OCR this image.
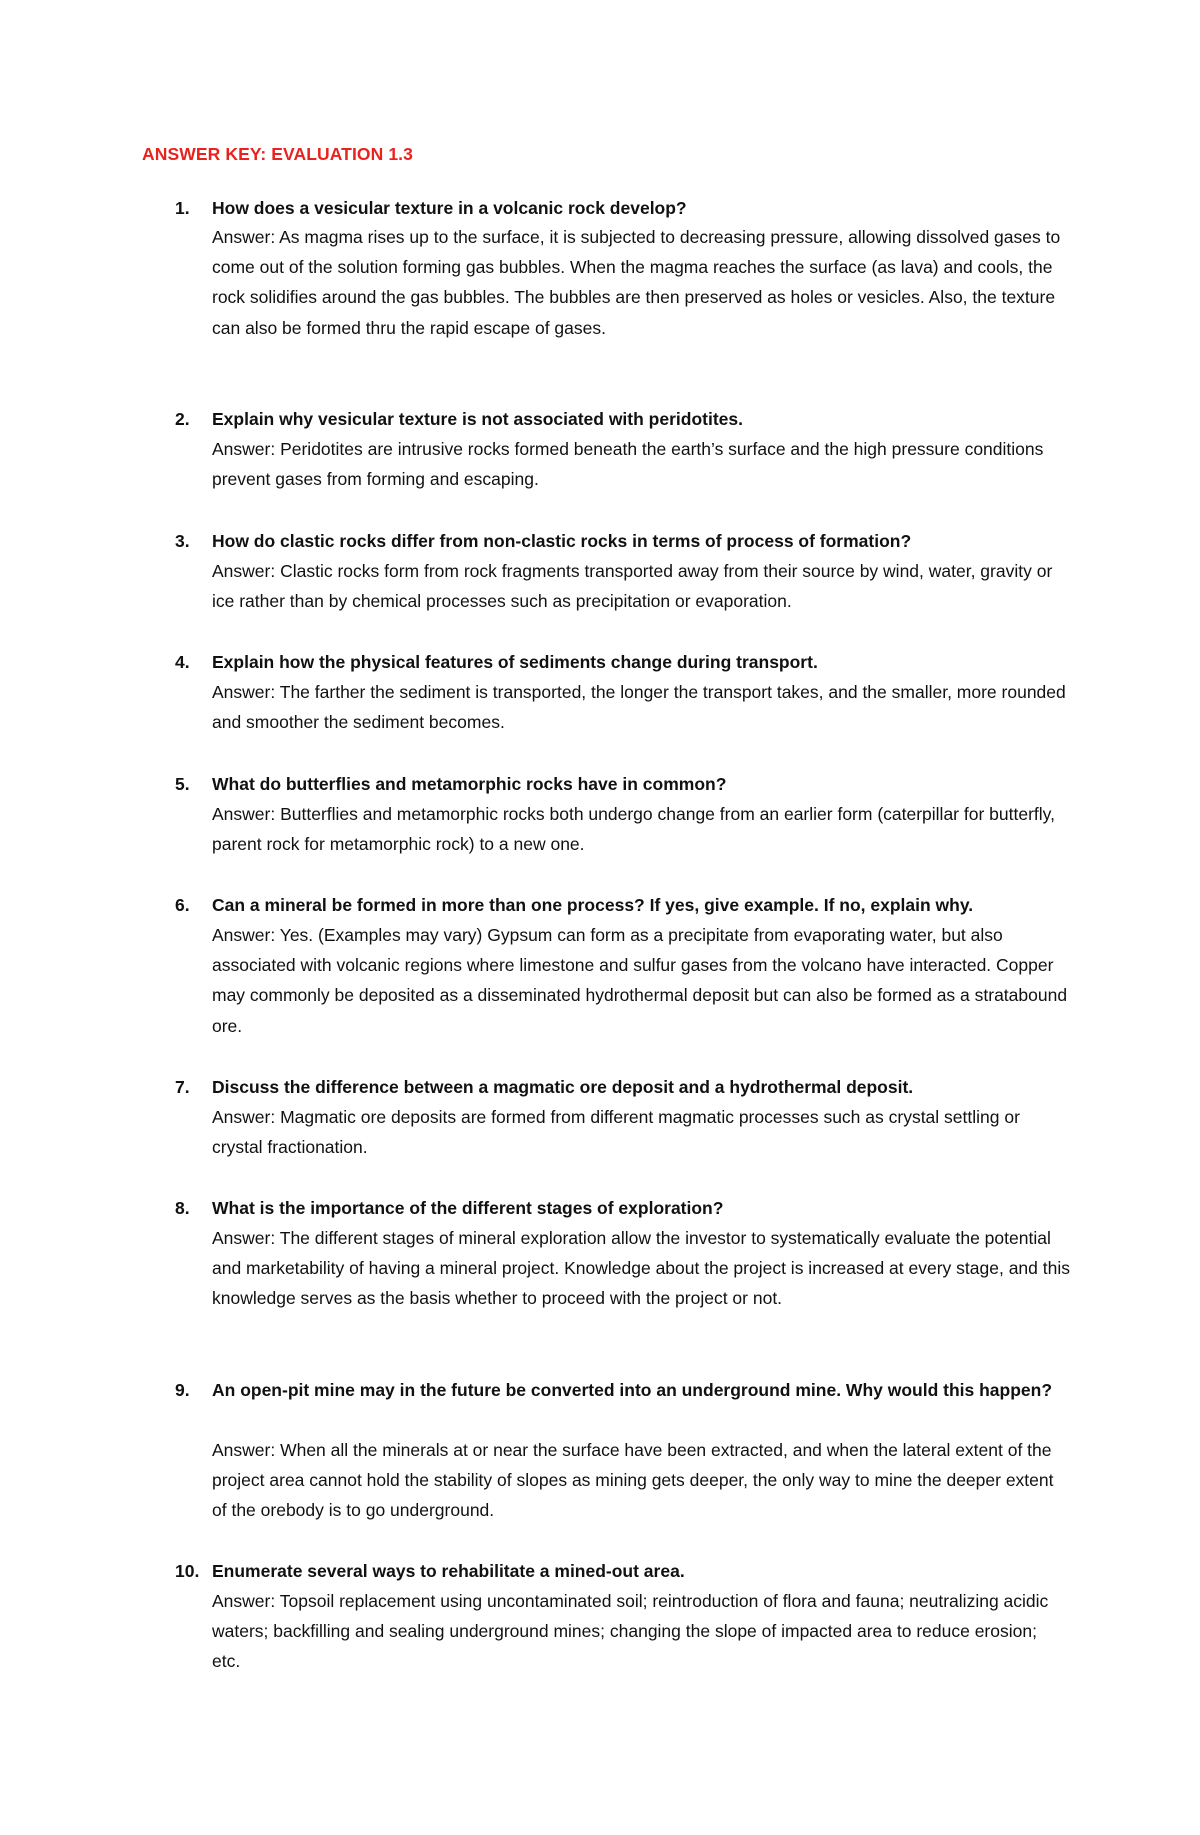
ANSWER KEY: EVALUATION 1.3
1. How does a vesicular texture in a volcanic rock develop?
Answer: As magma rises up to the surface, it is subjected to decreasing pressure, allowing dissolved gases to come out of the solution forming gas bubbles. When the magma reaches the surface (as lava) and cools, the rock solidifies around the gas bubbles. The bubbles are then preserved as holes or vesicles. Also, the texture can also be formed thru the rapid escape of gases.
2. Explain why vesicular texture is not associated with peridotites.
Answer: Peridotites are intrusive rocks formed beneath the earth’s surface and the high pressure conditions prevent gases from forming and escaping.
3. How do clastic rocks differ from non-clastic rocks in terms of process of formation?
Answer: Clastic rocks form from rock fragments transported away from their source by wind, water, gravity or ice rather than by chemical processes such as precipitation or evaporation.
4. Explain how the physical features of sediments change during transport.
Answer: The farther the sediment is transported, the longer the transport takes, and the smaller, more rounded and smoother the sediment becomes.
5. What do butterflies and metamorphic rocks have in common?
Answer: Butterflies and metamorphic rocks both undergo change from an earlier form (caterpillar for butterfly, parent rock for metamorphic rock) to a new one.
6. Can a mineral be formed in more than one process? If yes, give example. If no, explain why.
Answer: Yes. (Examples may vary) Gypsum can form as a precipitate from evaporating water, but also associated with volcanic regions where limestone and sulfur gases from the volcano have interacted. Copper may commonly be deposited as a disseminated hydrothermal deposit but can also be formed as a stratabound ore.
7. Discuss the difference between a magmatic ore deposit and a hydrothermal deposit.
Answer: Magmatic ore deposits are formed from different magmatic processes such as crystal settling or crystal fractionation.
8. What is the importance of the different stages of exploration?
Answer: The different stages of mineral exploration allow the investor to systematically evaluate the potential and marketability of having a mineral project. Knowledge about the project is increased at every stage, and this knowledge serves as the basis whether to proceed with the project or not.
9. An open-pit mine may in the future be converted into an underground mine. Why would this happen?
Answer: When all the minerals at or near the surface have been extracted, and when the lateral extent of the project area cannot hold the stability of slopes as mining gets deeper, the only way to mine the deeper extent of the orebody is to go underground.
10. Enumerate several ways to rehabilitate a mined-out area.
Answer: Topsoil replacement using uncontaminated soil; reintroduction of flora and fauna; neutralizing acidic waters; backfilling and sealing underground mines; changing the slope of impacted area to reduce erosion; etc.
